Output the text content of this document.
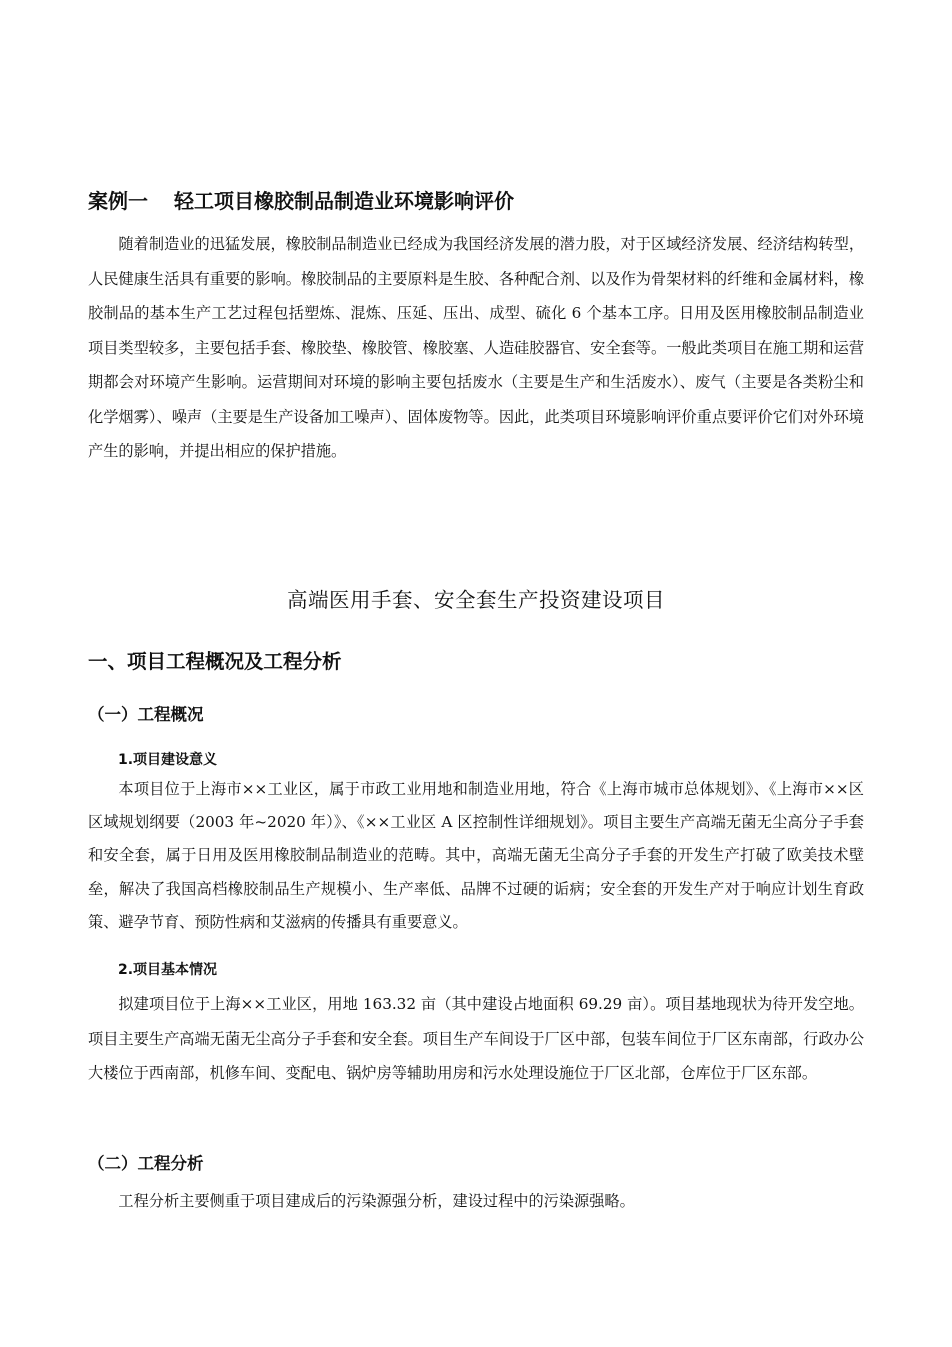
案例一 轻工项目橡胶制品制造业环境影响评价

随着制造业的迅猛发展，橡胶制品制造业已经成为我国经济发展的潜力股，对于区域经济发展、经济结构转型，人民健康生活具有重要的影响。橡胶制品的主要原料是生胶、各种配合剂、以及作为骨架材料的纤维和金属材料，橡胶制品的基本生产工艺过程包括塑炼、混炼、压延、压出、成型、硫化 6 个基本工序。日用及医用橡胶制品制造业项目类型较多，主要包括手套、橡胶垫、橡胶管、橡胶塞、人造硅胶器官、安全套等。一般此类项目在施工期和运营期都会对环境产生影响。运营期间对环境的影响主要包括废水（主要是生产和生活废水）、废气（主要是各类粉尘和化学烟雾）、噪声（主要是生产设备加工噪声）、固体废物等。因此，此类项目环境影响评价重点要评价它们对外环境产生的影响，并提出相应的保护措施。

高端医用手套、安全套生产投资建设项目
一、项目工程概况及工程分析
（一）工程概况
1.项目建设意义

本项目位于上海市××工业区，属于市政工业用地和制造业用地，符合《上海市城市总体规划》、《上海市××区区域规划纲要（2003 年~2020 年）》、《××工业区 A 区控制性详细规划》。项目主要生产高端无菌无尘高分子手套和安全套，属于日用及医用橡胶制品制造业的范畴。其中，高端无菌无尘高分子手套的开发生产打破了欧美技术壁垒，解决了我国高档橡胶制品生产规模小、生产率低、品牌不过硬的诟病；安全套的开发生产对于响应计划生育政策、避孕节育、预防性病和艾滋病的传播具有重要意义。

2.项目基本情况

拟建项目位于上海××工业区，用地 163.32 亩（其中建设占地面积 69.29 亩）。项目基地现状为待开发空地。项目主要生产高端无菌无尘高分子手套和安全套。项目生产车间设于厂区中部，包装车间位于厂区东南部，行政办公大楼位于西南部，机修车间、变配电、锅炉房等辅助用房和污水处理设施位于厂区北部，仓库位于厂区东部。

（二）工程分析

工程分析主要侧重于项目建成后的污染源强分析，建设过程中的污染源强略。
